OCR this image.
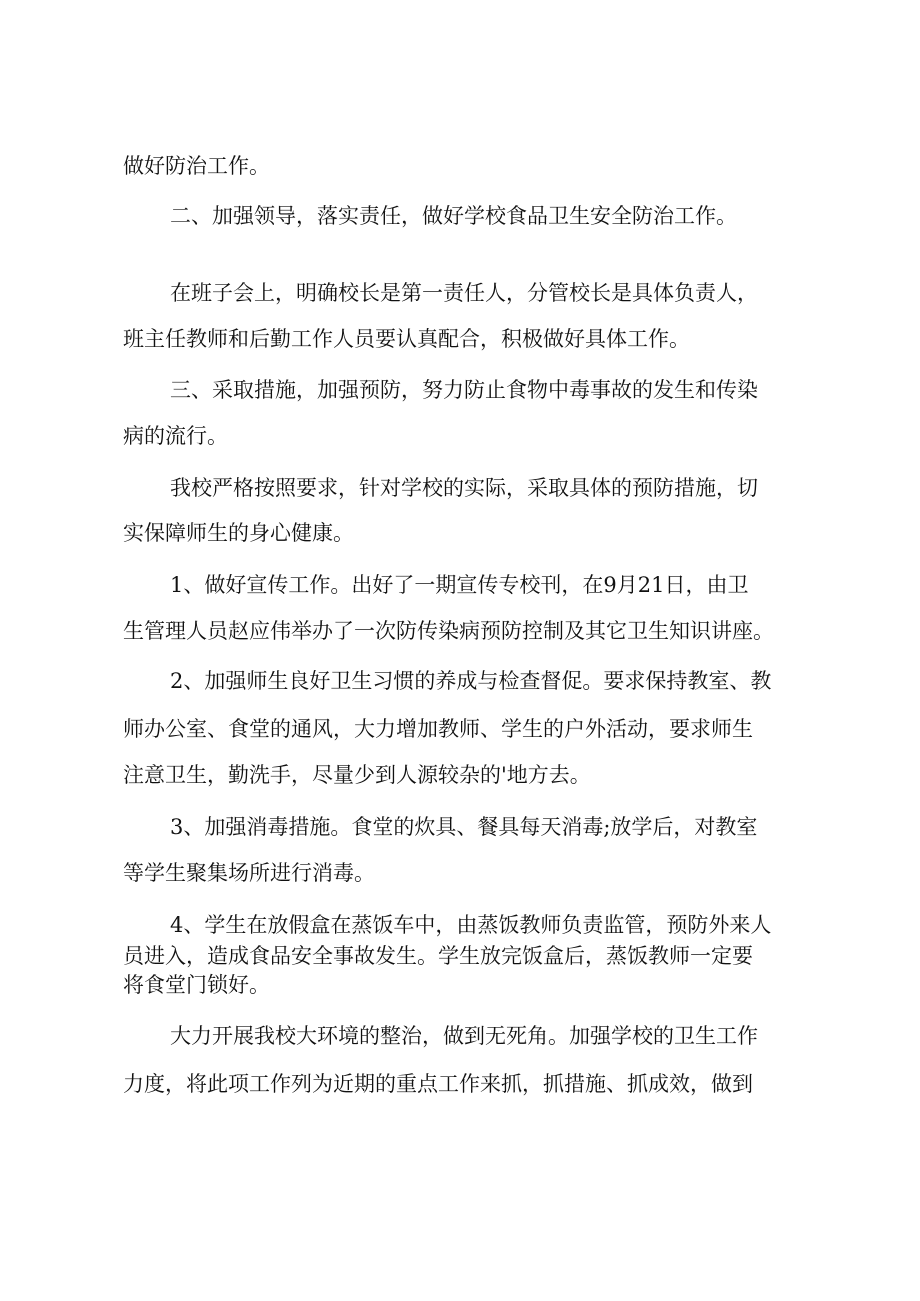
做好防治工作。

二、加强领导，落实责任，做好学校食品卫生安全防治工作。

在班子会上，明确校长是第一责任人，分管校长是具体负责人，

班主任教师和后勤工作人员要认真配合，积极做好具体工作。

三、采取措施，加强预防，努力防止食物中毒事故的发生和传染

病的流行。

我校严格按照要求，针对学校的实际，采取具体的预防措施，切

实保障师生的身心健康。

1、做好宣传工作。出好了一期宣传专校刊，在9月21日，由卫

生管理人员赵应伟举办了一次防传染病预防控制及其它卫生知识讲座。

2、加强师生良好卫生习惯的养成与检查督促。要求保持教室、教

师办公室、食堂的通风，大力增加教师、学生的户外活动，要求师生

注意卫生，勤洗手，尽量少到人源较杂的'地方去。

3、加强消毒措施。食堂的炊具、餐具每天消毒;放学后，对教室

等学生聚集场所进行消毒。

4、学生在放假盒在蒸饭车中，由蒸饭教师负责监管，预防外来人

员进入，造成食品安全事故发生。学生放完饭盒后，蒸饭教师一定要

将食堂门锁好。

大力开展我校大环境的整治，做到无死角。加强学校的卫生工作

力度，将此项工作列为近期的重点工作来抓，抓措施、抓成效，做到
